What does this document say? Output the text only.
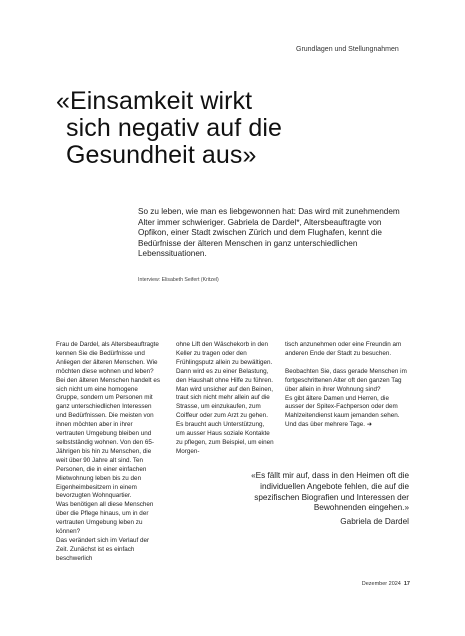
Grundlagen und Stellungnahmen
«Einsamkeit wirkt
sich negativ auf die
Gesundheit aus»

So zu leben, wie man es liebgewonnen hat: Das wird mit zunehmendem Alter immer schwieriger. Gabriela de Dardel*, Altersbeauftragte von Opfikon, einer Stadt zwischen Zürich und dem Flughafen, kennt die Bedürfnisse der älteren Menschen in ganz unterschiedlichen Lebenssituationen.

Interview: Elisabeth Seifert (Kritzel)

Frau de Dardel, als Altersbeauftragte kennen Sie die Bedürfnisse und Anliegen der älteren Menschen. Wie möchten diese wohnen und leben?

Bei den älteren Menschen handelt es sich nicht um eine homogene Gruppe, sondern um Personen mit ganz unterschiedlichen Interessen und Bedürfnissen. Die meisten von ihnen möchten aber in ihrer vertrauten Umgebung bleiben und selbstständig wohnen. Von den 65-Jährigen bis hin zu Menschen, die weit über 90 Jahre alt sind. Ten Personen, die in einer einfachen Mietwohnung leben bis zu den Eigenheimbesitzern in einem bevorzugten Wohnquartier.

Was benötigen all diese Menschen über die Pflege hinaus, um in der vertrauten Umgebung leben zu können?

Das verändert sich im Verlauf der Zeit. Zunächst ist es einfach beschwerlich

ohne Lift den Wäschekorb in den Keller zu tragen oder den Frühlingsputz allein zu bewältigen. Dann wird es zu einer Belastung, den Haushalt ohne Hilfe zu führen. Man wird unsicher auf den Beinen, traut sich nicht mehr allein auf die Strasse, um einzukaufen, zum Coiffeur oder zum Arzt zu gehen. Es braucht auch Unterstützung, um ausser Haus soziale Kontakte zu pflegen, zum Beispiel, um einen Morgen-

tisch anzunehmen oder eine Freundin am anderen Ende der Stadt zu besuchen.

Beobachten Sie, dass gerade Menschen im fortgeschrittenen Alter oft den ganzen Tag über allein in ihrer Wohnung sind?

Es gibt ältere Damen und Herren, die ausser der Spitex-Fachperson oder dem Mahlzeitendienst kaum jemanden sehen. Und das über mehrere Tage. ➜

«Es fällt mir auf, dass in den Heimen oft die individuellen Angebote fehlen, die auf die spezifischen Biografien und Interessen der Bewohnenden eingehen.»
Gabriela de Dardel
Dezember 2024 17
